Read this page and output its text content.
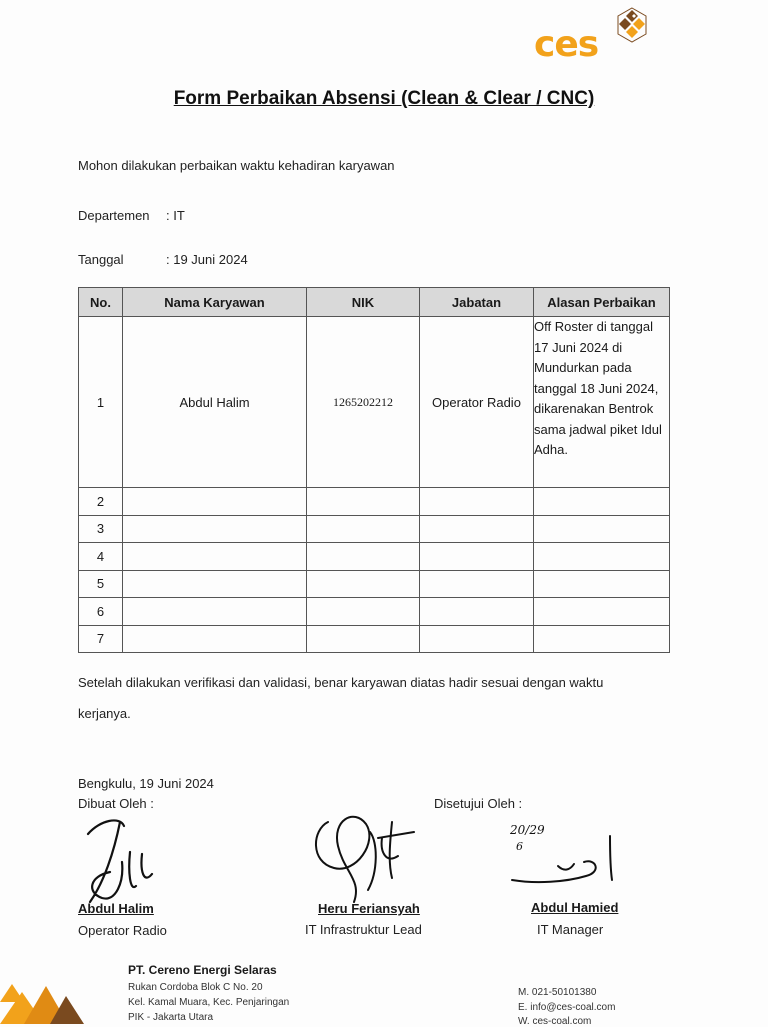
ces
Form Perbaikan Absensi (Clean & Clear / CNC)
Mohon dilakukan perbaikan waktu kehadiran karyawan
Departemen : IT
Tanggal	: 19 Juni 2024
No.	Nama Karyawan	NIK	Jabatan	Alasan Perbaikan
1	Abdul Halim	1265202212	Operator Radio	Off Roster di tanggal 17 Juni 2024 di Mundurkan pada tanggal 18 Juni 2024, dikarenakan Bentrok sama jadwal piket Idul Adha.
2				
3				
4				
5				
6				
7				
Setelah dilakukan verifikasi dan validasi, benar karyawan diatas hadir sesuai dengan waktu
kerjanya.
Bengkulu, 19 Juni 2024
Dibuat Oleh :	Disetujui Oleh :
20/29
6
Abdul Halim
Operator Radio
Heru Feriansyah
IT Infrastruktur Lead
Abdul Hamied
IT Manager
PT. Cereno Energi Selaras
Rukan Cordoba Blok C No. 20
Kel. Kamal Muara, Kec. Penjaringan
PIK - Jakarta Utara
M. 021-50101380
E. info@ces-coal.com
W. ces-coal.com
